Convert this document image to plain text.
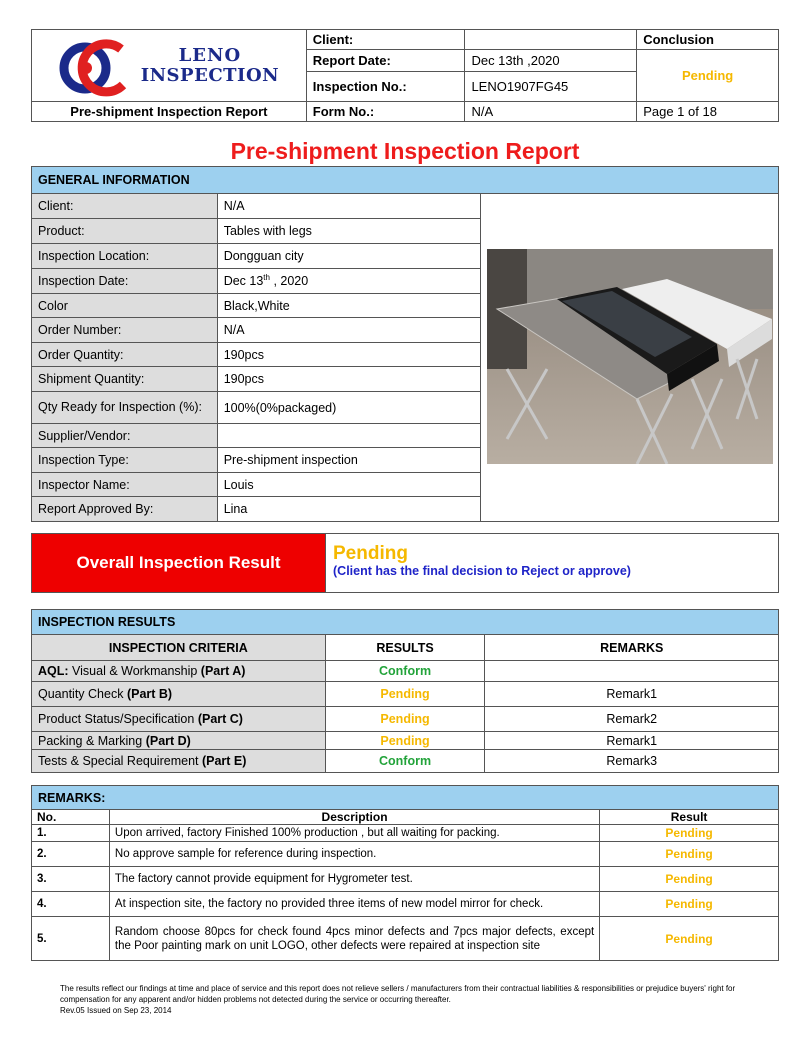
LENO
INSPECTION	Client:		Conclusion
	Report Date:	Dec 13th ,2020	Pending
	Inspection No.:	LENO1907FG45	
Pre-shipment Inspection Report	Form No.:	N/A	Page 1 of 18
Pre-shipment Inspection Report
GENERAL INFORMATION		
Client:	N/A	
Product:	Tables with legs	
Inspection Location:	Dongguan city	
Inspection Date:	Dec 13th , 2020	
Color	Black,White	
Order Number:	N/A	
Order Quantity:	190pcs	
Shipment Quantity:	190pcs	
Qty Ready for Inspection (%):	100%(0%packaged)	
Supplier/Vendor:		
Inspection Type:	Pre-shipment inspection	
Inspector Name:	Louis	
Report Approved By:	Lina	
Overall Inspection Result	Pending
(Client has the final decision to Reject or approve)
INSPECTION RESULTS		
INSPECTION CRITERIA	RESULTS	REMARKS
AQL: Visual & Workmanship (Part A)	Conform	
Quantity Check (Part B)	Pending	Remark1
Product Status/Specification (Part C)	Pending	Remark2
Packing & Marking (Part D)	Pending	Remark1
Tests & Special Requirement (Part E)	Conform	Remark3
REMARKS:		
No.	Description	Result
1.	Upon arrived, factory Finished 100% production , but all waiting for packing.	Pending
2.	No approve sample for reference during inspection.	Pending
3.	The factory cannot provide equipment for Hygrometer test.	Pending
4.	At inspection site, the factory no provided three items of new model mirror for check.	Pending
5.	Random choose 80pcs for check found 4pcs minor defects and 7pcs major defects, except the Poor painting mark on unit LOGO, other defects were repaired at inspection site	Pending
The results reflect our findings at time and place of service and this report does not relieve sellers / manufacturers from their contractual liabilities & responsibilities or prejudice buyers' right for compensation for any apparent and/or hidden problems not detected during the service or occurring thereafter.
Rev.05 Issued on Sep 23, 2014
